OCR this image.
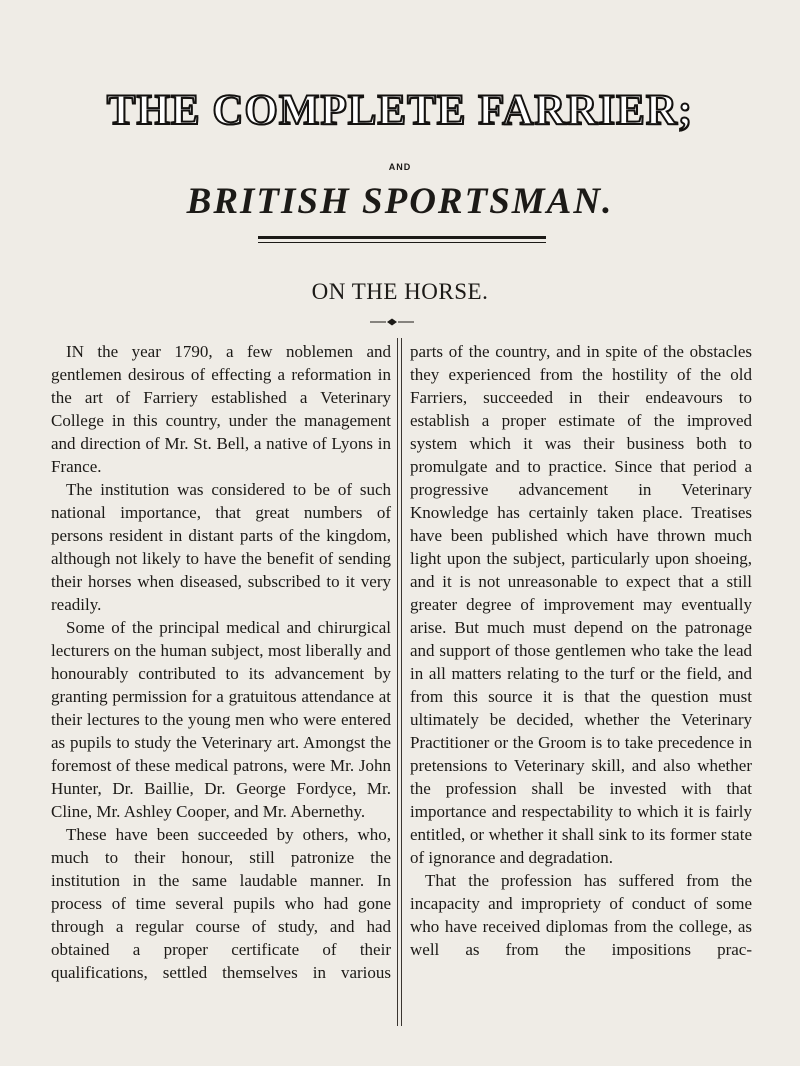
THE COMPLETE FARRIER;
AND
BRITISH SPORTSMAN.
ON THE HORSE.

IN the year 1790, a few noblemen and gentlemen desirous of effecting a reformation in the art of Farriery established a Veterinary College in this country, under the management and direction of Mr. St. Bell, a native of Lyons in France.

The institution was considered to be of such national importance, that great numbers of persons resident in distant parts of the kingdom, although not likely to have the benefit of sending their horses when diseased, subscribed to it very readily.

Some of the principal medical and chirurgical lecturers on the human subject, most liberally and honourably contributed to its advancement by granting permission for a gratuitous attendance at their lectures to the young men who were entered as pupils to study the Veterinary art. Amongst the foremost of these medical patrons, were Mr. John Hunter, Dr. Baillie, Dr. George Fordyce, Mr. Cline, Mr. Ashley Cooper, and Mr. Abernethy.

These have been succeeded by others, who, much to their honour, still patronize the institution in the same laudable manner. In process of time several pupils who had gone through a regular course of study, and had obtained a proper certificate of their qualifications, settled themselves in various

parts of the country, and in spite of the obstacles they experienced from the hostility of the old Farriers, succeeded in their endeavours to establish a proper estimate of the improved system which it was their business both to promulgate and to practice. Since that period a progressive advancement in Veterinary Knowledge has certainly taken place. Treatises have been published which have thrown much light upon the subject, particularly upon shoeing, and it is not unreasonable to expect that a still greater degree of improvement may eventually arise. But much must depend on the patronage and support of those gentlemen who take the lead in all matters relating to the turf or the field, and from this source it is that the question must ultimately be decided, whether the Veterinary Practitioner or the Groom is to take precedence in pretensions to Veterinary skill, and also whether the profession shall be invested with that importance and respectability to which it is fairly entitled, or whether it shall sink to its former state of ignorance and degradation.

That the profession has suffered from the incapacity and impropriety of conduct of some who have received diplomas from the college, as well as from the impositions prac-
